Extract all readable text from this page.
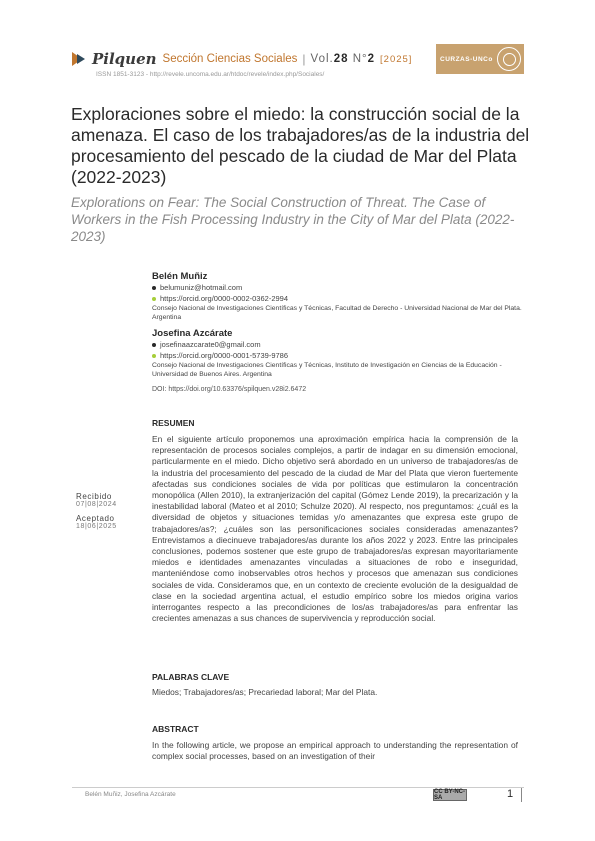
Pilquen Sección Ciencias Sociales | Vol.28 N°2 [2025]	CURZAS-UNCo
ISSN 1851-3123 - http://revele.uncoma.edu.ar/htdoc/revele/index.php/Sociales/
Exploraciones sobre el miedo: la construcción social de la amenaza. El caso de los trabajadores/as de la industria del procesamiento del pescado de la ciudad de Mar del Plata (2022-2023)
Explorations on Fear: The Social Construction of Threat. The Case of Workers in the Fish Processing Industry in the City of Mar del Plata (2022-2023)
Belén Muñiz
belumuniz@hotmail.com
https://orcid.org/0000-0002-0362-2994
Consejo Nacional de Investigaciones Científicas y Técnicas, Facultad de Derecho - Universidad Nacional de Mar del Plata. Argentina
Josefina Azcárate
josefinaazcarate0@gmail.com
https://orcid.org/0000-0001-5739-9786
Consejo Nacional de Investigaciones Científicas y Técnicas, Instituto de Investigación en Ciencias de la Educación - Universidad de Buenos Aires. Argentina
DOI: https://doi.org/10.63376/spilquen.v28i2.6472
Recibido
07|08|2024
Aceptado
18|06|2025
RESUMEN
En el siguiente artículo proponemos una aproximación empírica hacia la comprensión de la representación de procesos sociales complejos, a partir de indagar en su dimensión emocional, particularmente en el miedo. Dicho objetivo será abordado en un universo de trabajadores/as de la industria del procesamiento del pescado de la ciudad de Mar del Plata que vieron fuertemente afectadas sus condiciones sociales de vida por políticas que estimularon la concentración monopólica (Allen 2010), la extranjerización del capital (Gómez Lende 2019), la precarización y la inestabilidad laboral (Mateo et al 2010; Schulze 2020). Al respecto, nos preguntamos: ¿cuál es la diversidad de objetos y situaciones temidas y/o amenazantes que expresa este grupo de trabajadores/as?; ¿cuáles son las personificaciones sociales consideradas amenazantes? Entrevistamos a diecinueve trabajadores/as durante los años 2022 y 2023. Entre las principales conclusiones, podemos sostener que este grupo de trabajadores/as expresan mayoritariamente miedos e identidades amenazantes vinculadas a situaciones de robo e inseguridad, manteniéndose como inobservables otros hechos y procesos que amenazan sus condiciones sociales de vida. Consideramos que, en un contexto de creciente evolución de la desigualdad de clase en la sociedad argentina actual, el estudio empírico sobre los miedos origina varios interrogantes respecto a las precondiciones de los/as trabajadores/as para enfrentar las crecientes amenazas a sus chances de supervivencia y reproducción social.
PALABRAS CLAVE
Miedos; Trabajadores/as; Precariedad laboral; Mar del Plata.
ABSTRACT
In the following article, we propose an empirical approach to understanding the representation of complex social processes, based on an investigation of their
Belén Muñiz, Josefina Azcárate	CC BY-NC-SA	1
